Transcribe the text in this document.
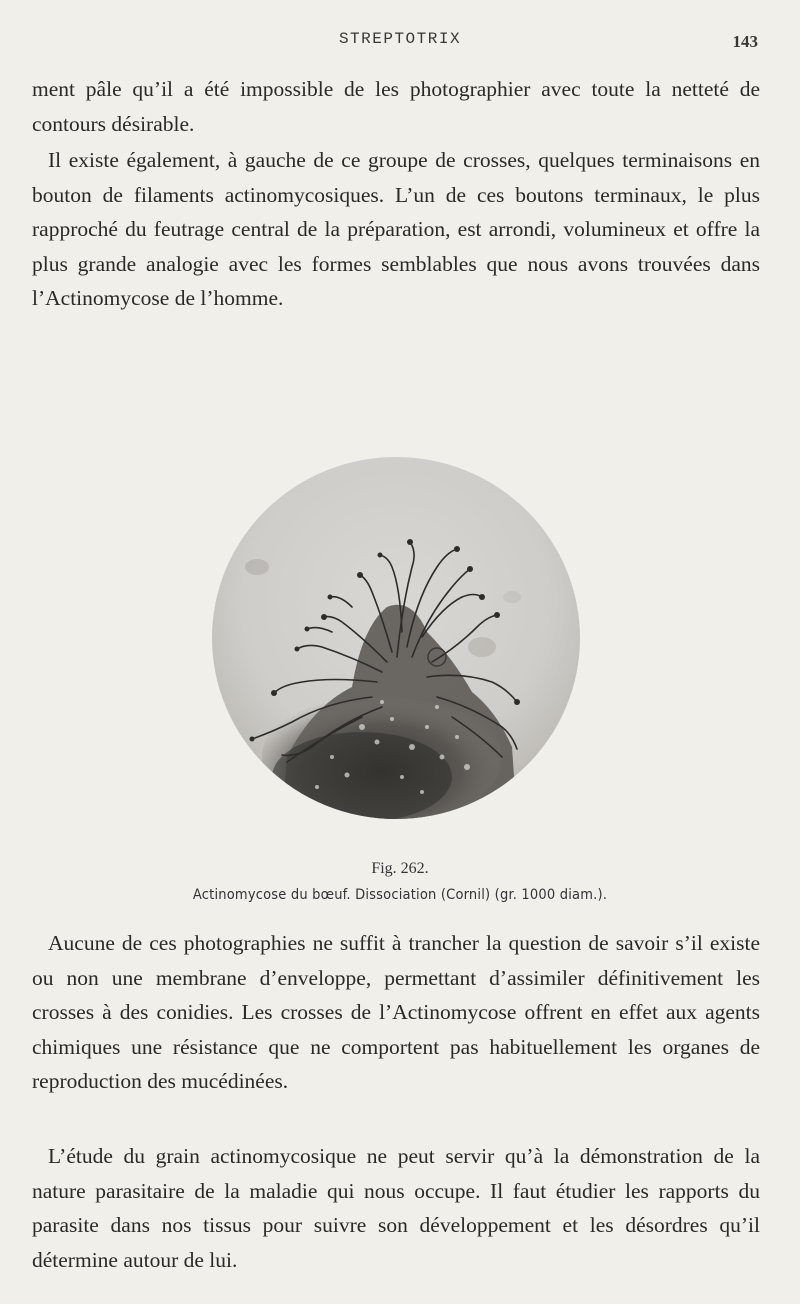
STREPTOTRIX	143

ment pâle qu’il a été impossible de les photographier avec toute la netteté de contours désirable.

Il existe également, à gauche de ce groupe de crosses, quelques terminaisons en bouton de filaments actinomycosiques. L’un de ces boutons terminaux, le plus rapproché du feutrage central de la préparation, est arrondi, volumineux et offre la plus grande analogie avec les formes semblables que nous avons trouvées dans l’Actinomycose de l’homme.

Fig. 262.
Actinomycose du bœuf. Dissociation (Cornil) (gr. 1000 diam.).

Aucune de ces photographies ne suffit à trancher la question de savoir s’il existe ou non une membrane d’enveloppe, permettant d’assimiler définitivement les crosses à des conidies. Les crosses de l’Actinomycose offrent en effet aux agents chimiques une résistance que ne comportent pas habituellement les organes de reproduction des mucédinées.

L’étude du grain actinomycosique ne peut servir qu’à la démonstration de la nature parasitaire de la maladie qui nous occupe. Il faut étudier les rapports du parasite dans nos tissus pour suivre son développement et les désordres qu’il détermine autour de lui.
